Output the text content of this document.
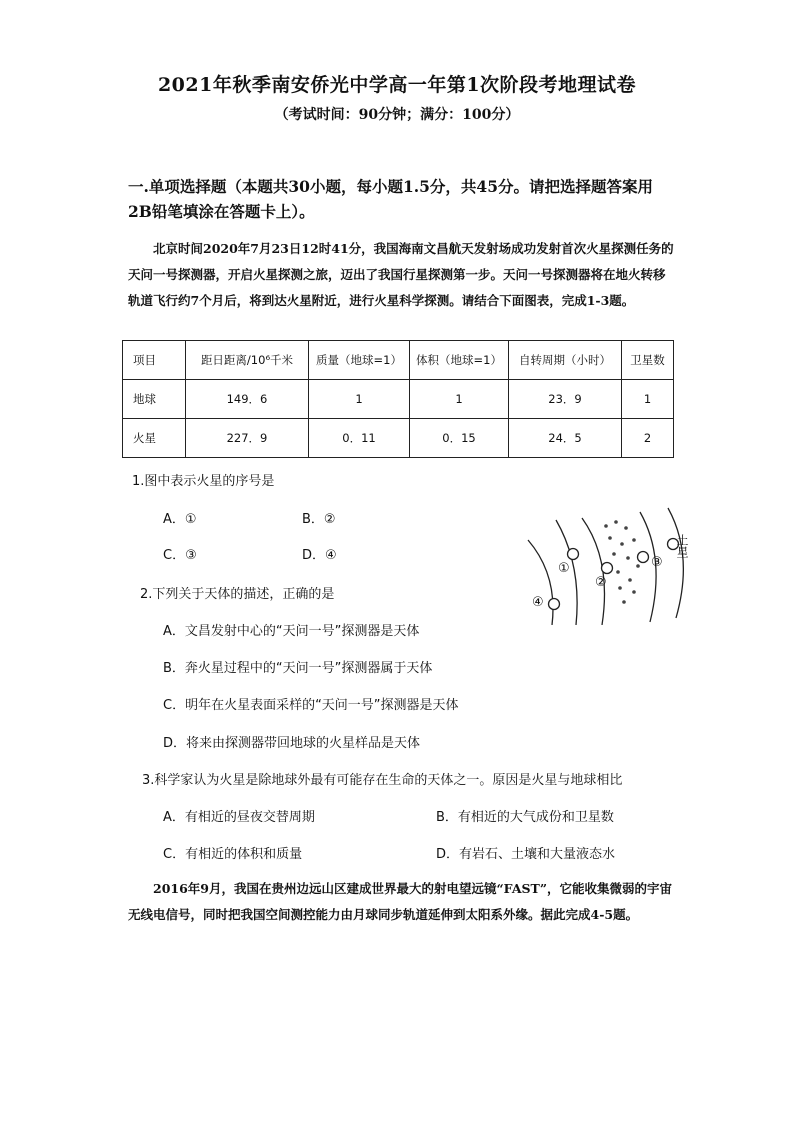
2021年秋季南安侨光中学高一年第1次阶段考地理试卷
（考试时间：90分钟；满分：100分）
一.单项选择题（本题共30小题，每小题1.5分，共45分。请把选择题答案用2B铅笔填涂在答题卡上）。
北京时间2020年7月23日12时41分，我国海南文昌航天发射场成功发射首次火星探测任务的天问一号探测器，开启火星探测之旅，迈出了我国行星探测第一步。天问一号探测器将在地火转移轨道飞行约7个月后，将到达火星附近，进行火星科学探测。请结合下面图表，完成1-3题。
项目	距日距离/10⁶千米	质量（地球=1）	体积（地球=1）	自转周期（小时）	卫星数
地球	149．6	1	1	23．9	1
火星	227．9	0．11	0．15	24．5	2
1.图中表示火星的序号是
A．①	B．②
C．③	D．④
①
②
③
④
土星
2.下列关于天体的描述，正确的是
A．文昌发射中心的“天问一号”探测器是天体
B．奔火星过程中的“天问一号”探测器属于天体
C．明年在火星表面采样的“天问一号”探测器是天体
D．将来由探测器带回地球的火星样品是天体
3.科学家认为火星是除地球外最有可能存在生命的天体之一。原因是火星与地球相比
A．有相近的昼夜交替周期	B．有相近的大气成份和卫星数
C．有相近的体积和质量	D．有岩石、土壤和大量液态水
2016年9月，我国在贵州边远山区建成世界最大的射电望远镜“FAST”，它能收集微弱的宇宙无线电信号，同时把我国空间测控能力由月球同步轨道延伸到太阳系外缘。据此完成4-5题。
